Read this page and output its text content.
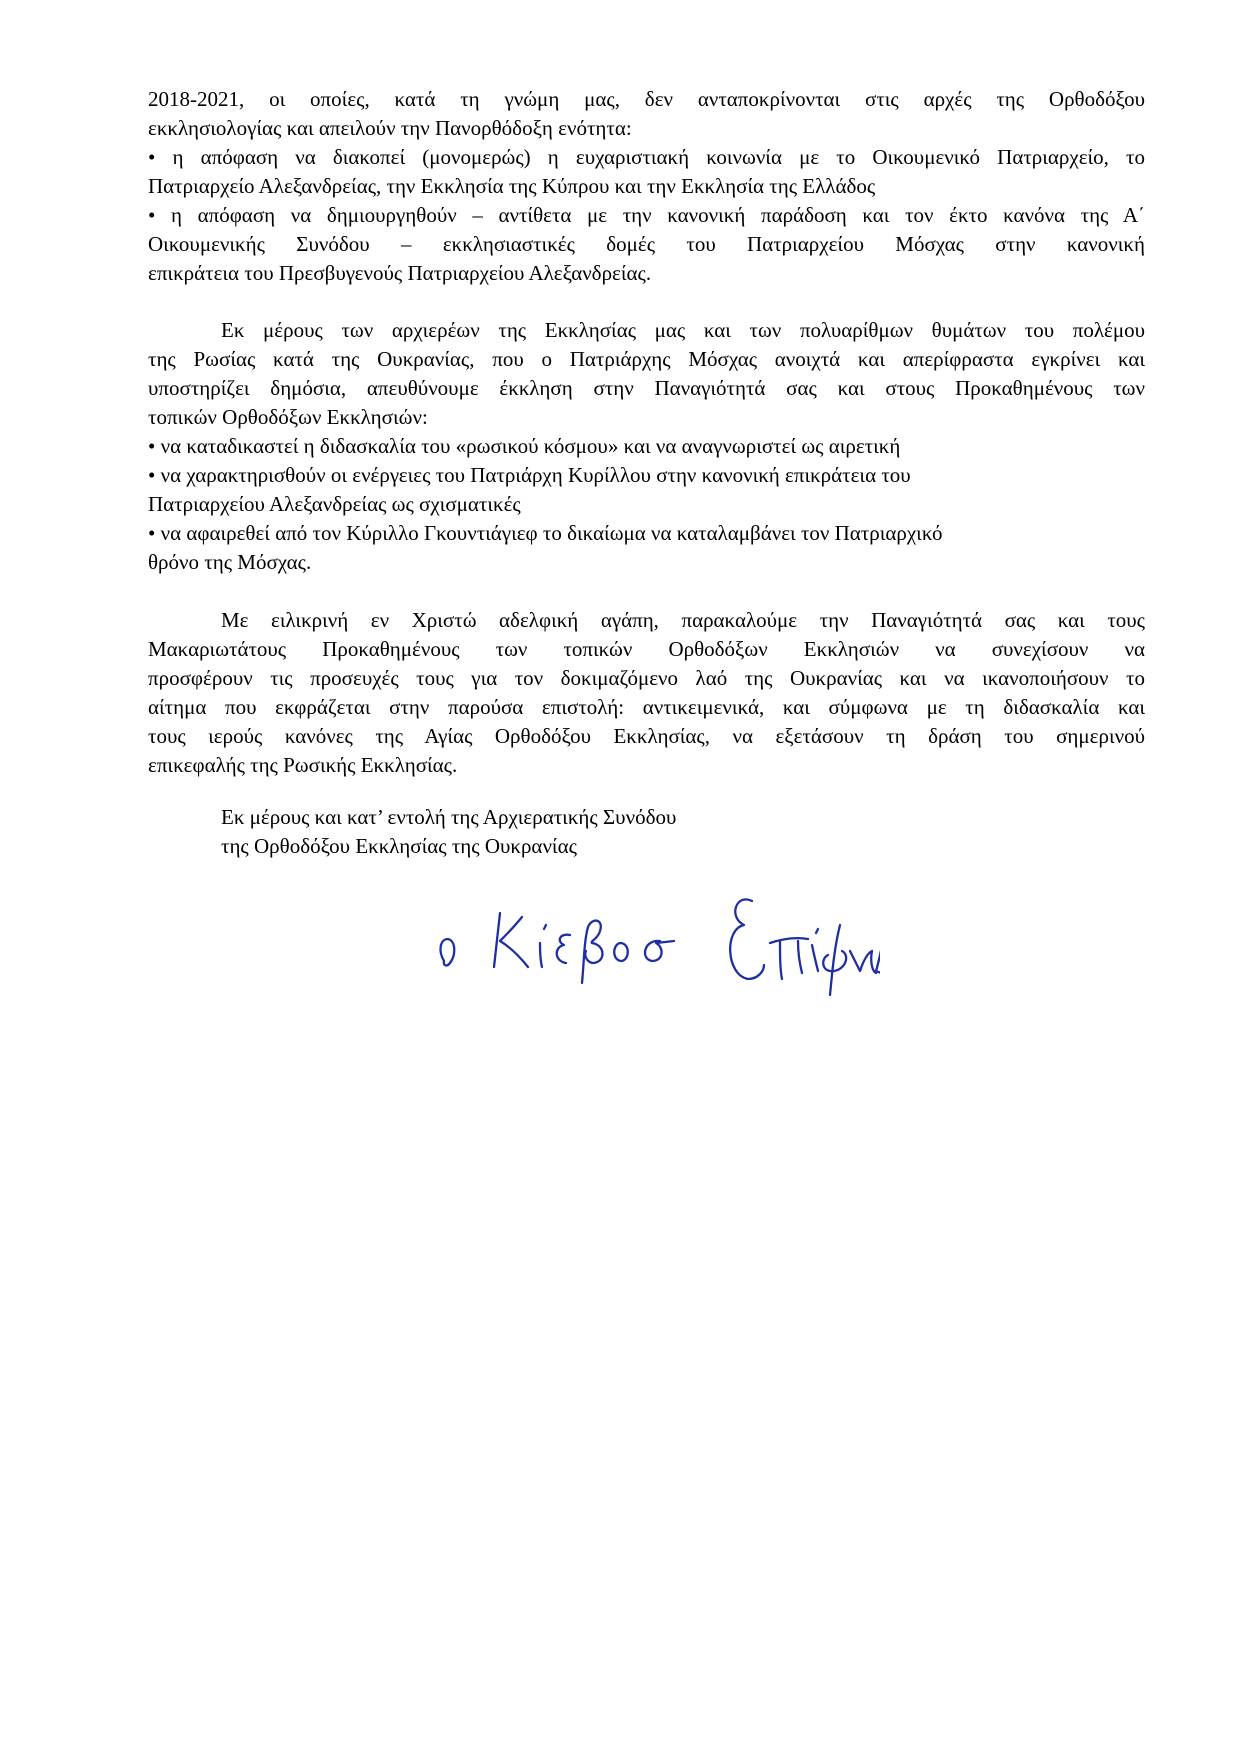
2018-2021, οι οποίες, κατά τη γνώμη μας, δεν ανταποκρίνονται στις αρχές της Ορθοδόξου
εκκλησιολογίας και απειλούν την Πανορθόδοξη ενότητα:
• η απόφαση να διακοπεί (μονομερώς) η ευχαριστιακή κοινωνία με το Οικουμενικό Πατριαρχείο, το
Πατριαρχείο Αλεξανδρείας, την Εκκλησία της Κύπρου και την Εκκλησία της Ελλάδος
• η απόφαση να δημιουργηθούν – αντίθετα με την κανονική παράδοση και τον έκτο κανόνα της Α΄
Οικουμενικής Συνόδου – εκκλησιαστικές δομές του Πατριαρχείου Μόσχας στην κανονική
επικράτεια του Πρεσβυγενούς Πατριαρχείου Αλεξανδρείας.
Εκ μέρους των αρχιερέων της Εκκλησίας μας και των πολυαρίθμων θυμάτων του πολέμου
της Ρωσίας κατά της Ουκρανίας, που ο Πατριάρχης Μόσχας ανοιχτά και απερίφραστα εγκρίνει και
υποστηρίζει δημόσια, απευθύνουμε έκκληση στην Παναγιότητά σας και στους Προκαθημένους των
τοπικών Ορθοδόξων Εκκλησιών:
• να καταδικαστεί η διδασκαλία του «ρωσικού κόσμου» και να αναγνωριστεί ως αιρετική
• να χαρακτηρισθούν οι ενέργειες του Πατριάρχη Κυρίλλου στην κανονική επικράτεια του
Πατριαρχείου Αλεξανδρείας ως σχισματικές
• να αφαιρεθεί από τον Κύριλλο Γκουντιάγιεφ το δικαίωμα να καταλαμβάνει τον Πατριαρχικό
θρόνο της Μόσχας.
Με ειλικρινή εν Χριστώ αδελφική αγάπη, παρακαλούμε την Παναγιότητά σας και τους
Μακαριωτάτους Προκαθημένους των τοπικών Ορθοδόξων Εκκλησιών να συνεχίσουν να
προσφέρουν τις προσευχές τους για τον δοκιμαζόμενο λαό της Ουκρανίας και να ικανοποιήσουν το
αίτημα που εκφράζεται στην παρούσα επιστολή: αντικειμενικά, και σύμφωνα με τη διδασκαλία και
τους ιερούς κανόνες της Αγίας Ορθοδόξου Εκκλησίας, να εξετάσουν τη δράση του σημερινού
επικεφαλής της Ρωσικής Εκκλησίας.
Εκ μέρους και κατ’ εντολή της Αρχιερατικής Συνόδου
της Ορθοδόξου Εκκλησίας της Ουκρανίας
